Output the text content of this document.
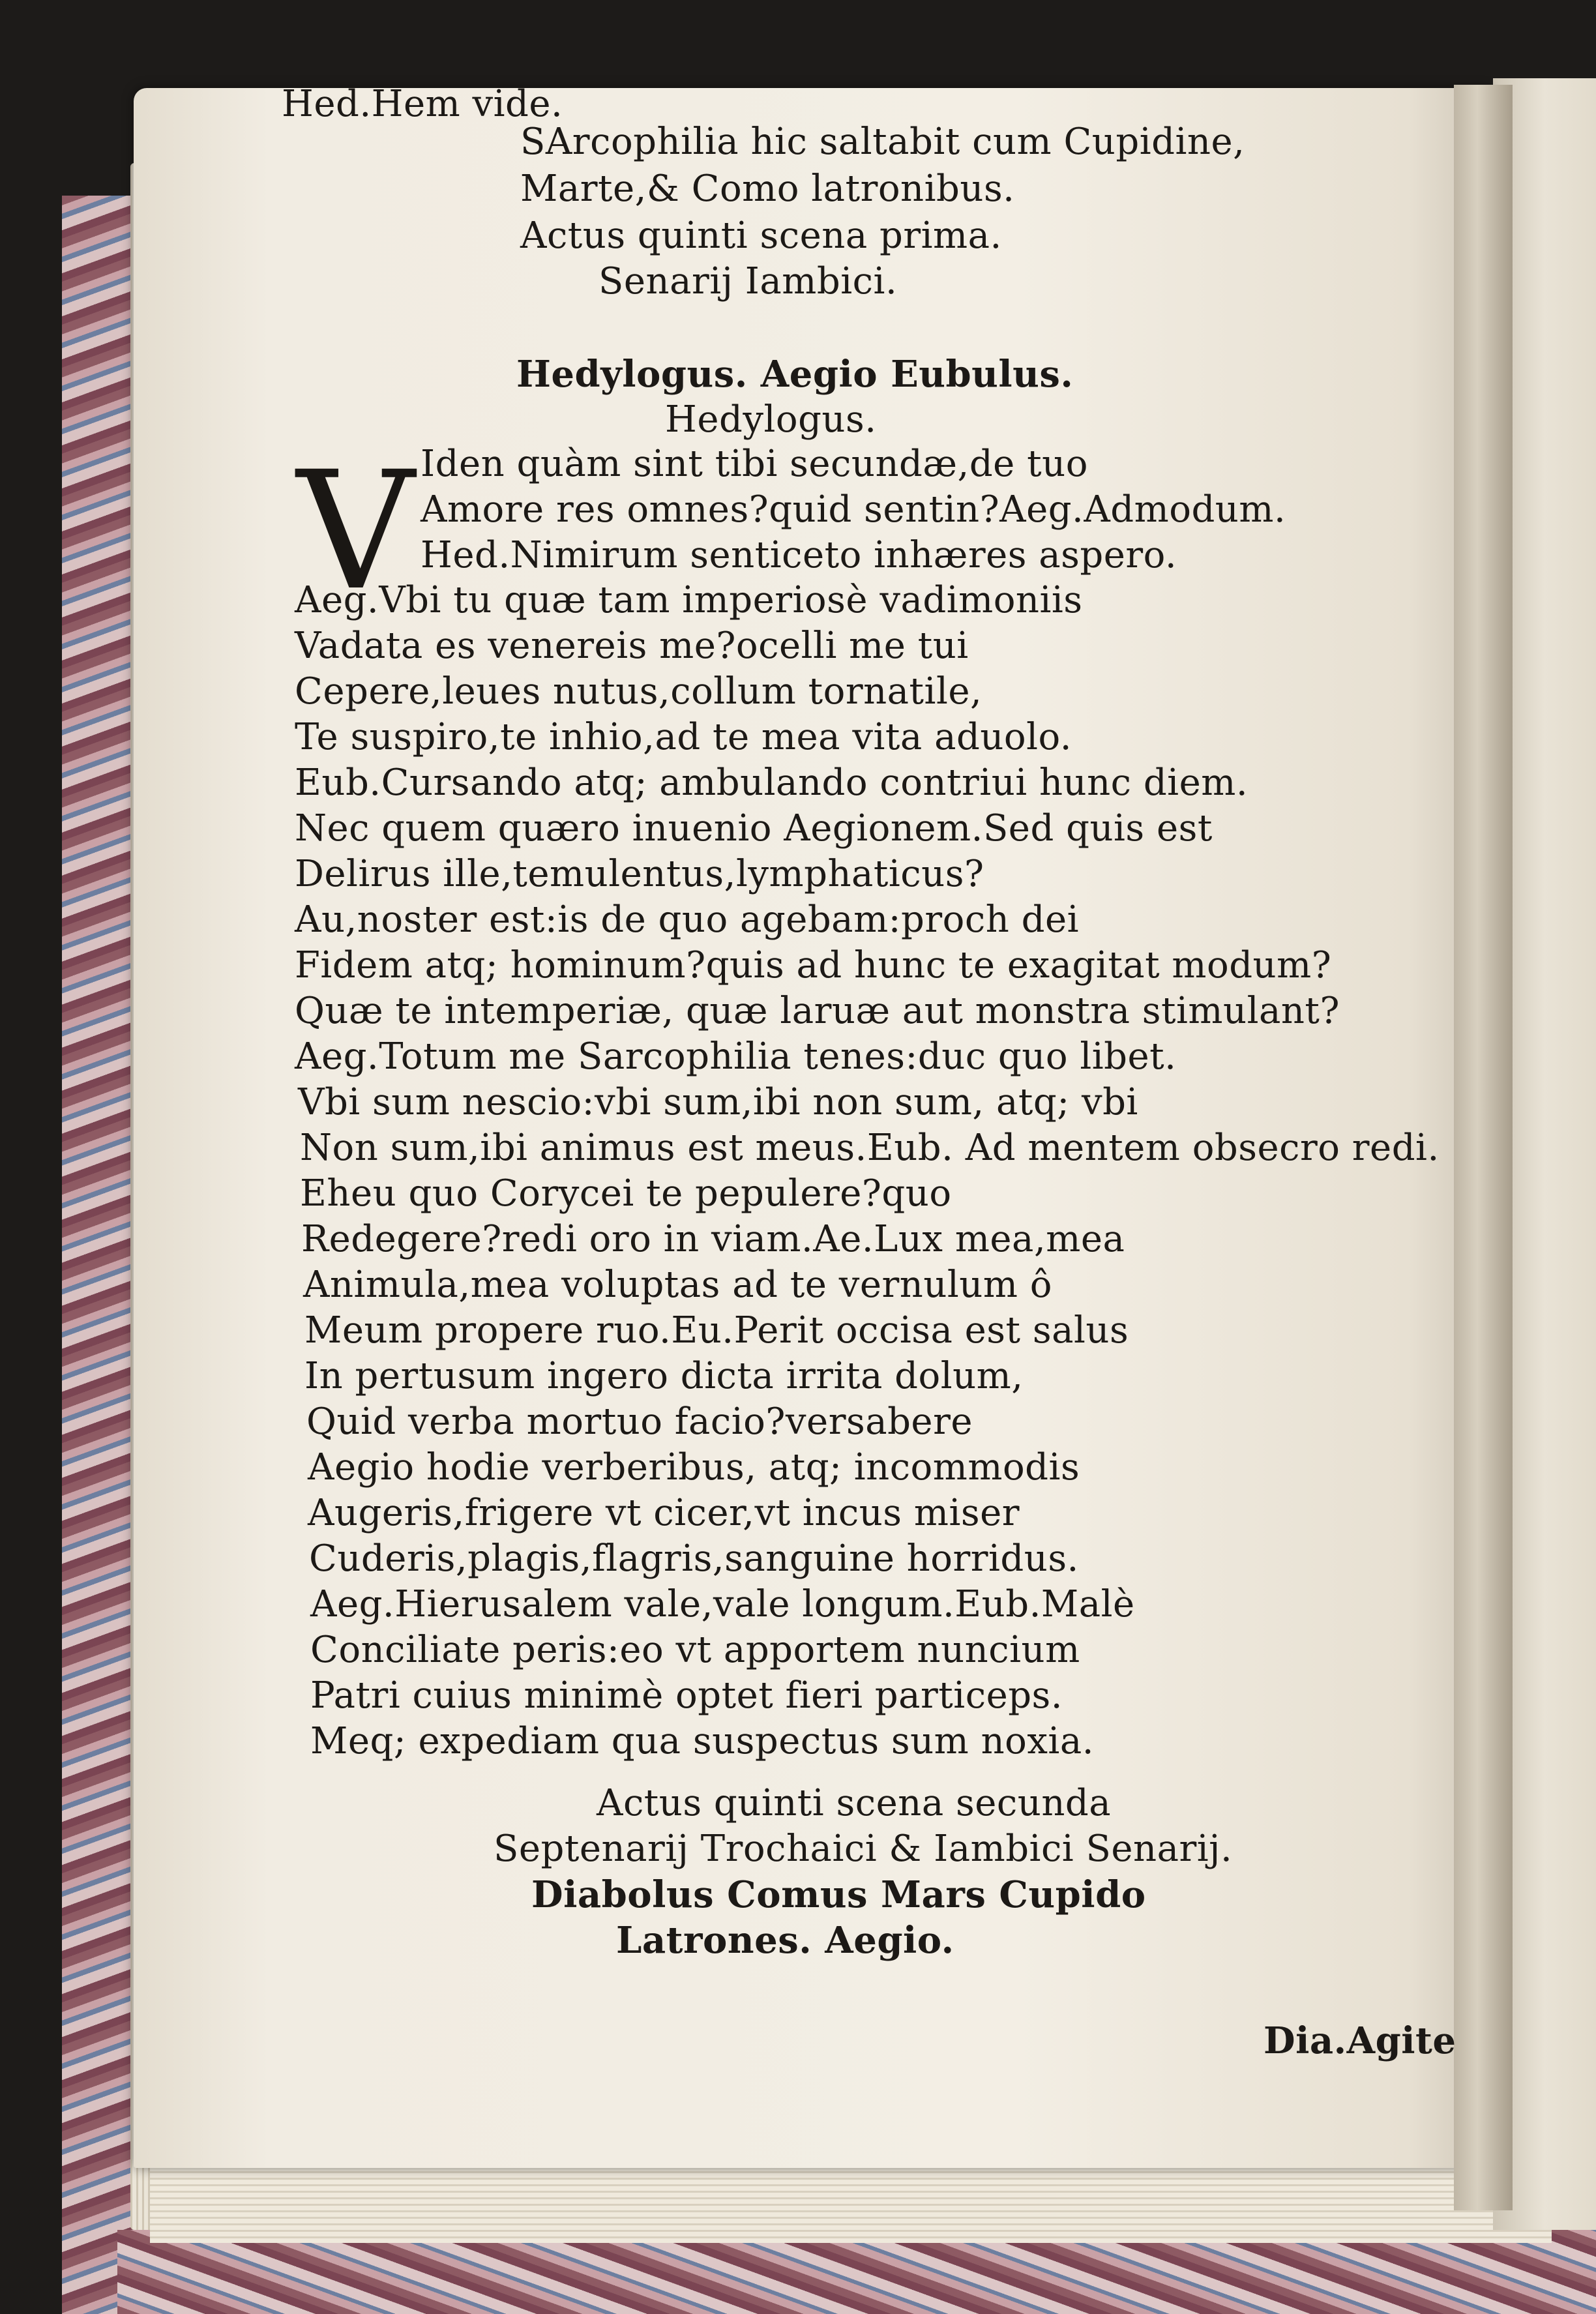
Hed.Hem vide.
SArcophilia hic saltabit cum Cupidine,
Marte,& Como latronibus.
Actus quinti scena prima.
Senarij Iambici.
Hedylogus. Aegio Eubulus.
Hedylogus.
V Iden quàm sint tibi secundæ,de tuo
Amore res omnes?quid sentin?Aeg.Admodum.
Hed.Nimirum senticeto inhæres aspero.
Aeg.Vbi tu quæ tam imperiosè vadimoniis
Vadata es venereis me?ocelli me tui
Cepere,leues nutus,collum tornatile,
Te suspiro,te inhio,ad te mea vita aduolo.
Eub.Cursando atq; ambulando contriui hunc diem.
Nec quem quæro inuenio Aegionem.Sed quis est
Delirus ille,temulentus,lymphaticus?
Au,noster est:is de quo agebam:proch dei
Fidem atq; hominum?quis ad hunc te exagitat modum?
Quæ te intemperiæ, quæ laruæ aut monstra stimulant?
Aeg.Totum me Sarcophilia tenes:duc quo libet.
Vbi sum nescio:vbi sum,ibi non sum, atq; vbi
Non sum,ibi animus est meus.Eub. Ad mentem obsecro redi.
Eheu quo Corycei te pepulere?quo
Redegere?redi oro in viam.Ae.Lux mea,mea
Animula,mea voluptas ad te vernulum ô
Meum propere ruo.Eu.Perit occisa est salus
In pertusum ingero dicta irrita dolum,
Quid verba mortuo facio?versabere
Aegio hodie verberibus, atq; incommodis
Augeris,frigere vt cicer,vt incus miser
Cuderis,plagis,flagris,sanguine horridus.
Aeg.Hierusalem vale,vale longum.Eub.Malè
Conciliate peris:eo vt apportem nuncium
Patri cuius minimè optet fieri particeps.
Meq; expediam qua suspectus sum noxia.
Actus quinti scena secunda
Septenarij Trochaici & Iambici Senarij.
Diabolus Comus Mars Cupido
Latrones. Aegio.
Dia.Agite
